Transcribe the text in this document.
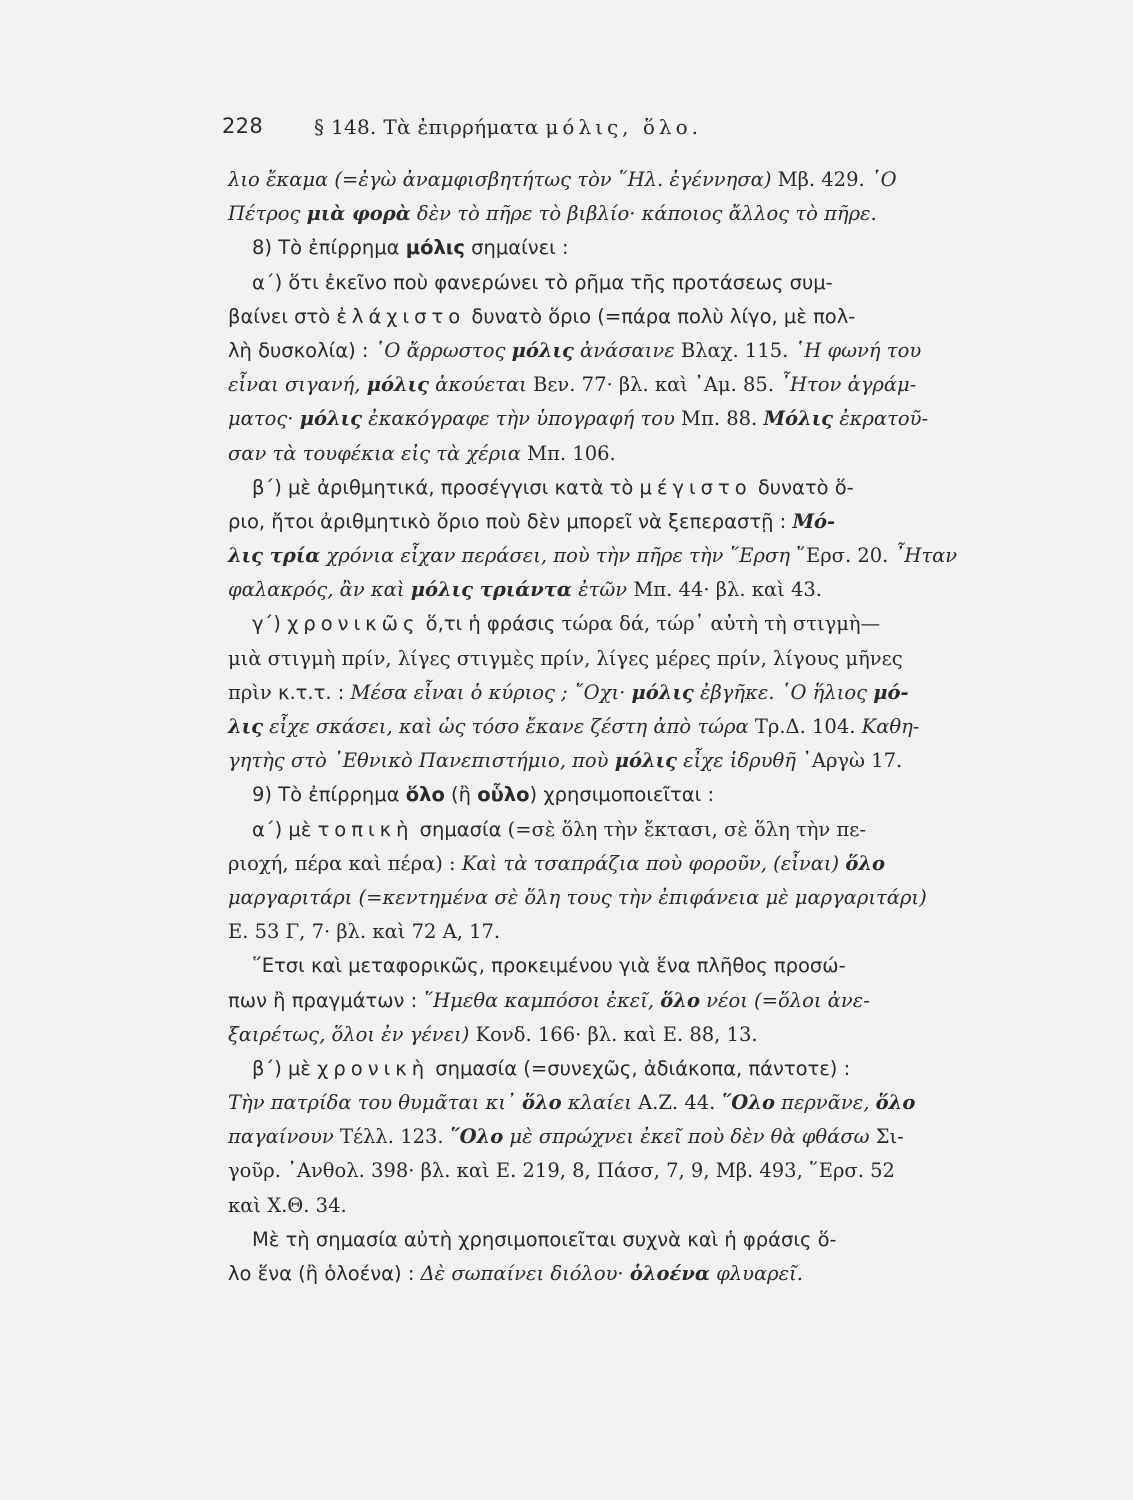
228	§ 148. Τὰ ἐπιρρήματα μόλις, ὅλο.
λιο ἔκαμα (=ἐγὼ ἀναμφισβητήτως τὸν ῞Ηλ. ἐγέννησα) Μβ. 429. ῾Ο
Πέτρος μιὰ φορὰ δὲν τὸ πῆρε τὸ βιβλίο· κάποιος ἄλλος τὸ πῆρε.
8) Τὸ ἐπίρρημα μόλις σημαίνει :
α΄) ὅτι ἐκεῖνο ποὺ φανερώνει τὸ ρῆμα τῆς προτάσεως συμ-
βαίνει στὸ ἐλάχιστο δυνατὸ ὅριο (=πάρα πολὺ λίγο, μὲ πολ-
λὴ δυσκολία) : ῾Ο ἄρρωστος μόλις ἀνάσαινε Βλαχ. 115. ῾Η φωνή του
εἶναι σιγανή, μόλις ἀκούεται Βεν. 77· βλ. καὶ ᾿Αμ. 85. ῏Ητον ἀγράμ-
ματος· μόλις ἐκακόγραφε τὴν ὑπογραφή του Μπ. 88. Μόλις ἐκρατοῦ-
σαν τὰ τουφέκια εἰς τὰ χέρια Μπ. 106.
β΄) μὲ ἀριθμητικά, προσέγγισι κατὰ τὸ μέγιστο δυνατὸ ὅ-
ριο, ἤτοι ἀριθμητικὸ ὅριο ποὺ δὲν μπορεῖ νὰ ξεπεραστῇ : Μό-
λις τρία χρόνια εἶχαν περάσει, ποὺ τὴν πῆρε τὴν ῞Ερση ῞Ερσ. 20. ῏Ηταν
φαλακρός, ἂν καὶ μόλις τριάντα ἐτῶν Μπ. 44· βλ. καὶ 43.
γ΄) χρονικῶς ὅ,τι ἡ φράσις τώρα δά, τώρ᾿ αὐτὴ τὴ στιγμὴ—
μιὰ στιγμὴ πρίν, λίγες στιγμὲς πρίν, λίγες μέρες πρίν, λίγους μῆνες
πρὶν κ.τ.τ. : Μέσα εἶναι ὁ κύριος ; ῎Οχι· μόλις ἐβγῆκε. ῾Ο ἥλιος μό-
λις εἶχε σκάσει, καὶ ὡς τόσο ἔκανε ζέστη ἀπὸ τώρα Τρ.Δ. 104. Καθη-
γητὴς στὸ ᾿Εθνικὸ Πανεπιστήμιο, ποὺ μόλις εἶχε ἱδρυθῆ ᾿Αργὼ 17.
9) Τὸ ἐπίρρημα ὅλο (ἢ οὗλο) χρησιμοποιεῖται :
α΄) μὲ τοπικὴ σημασία (=σὲ ὅλη τὴν ἔκτασι, σὲ ὅλη τὴν πε-
ριοχή, πέρα καὶ πέρα) : Καὶ τὰ τσαπράζια ποὺ φοροῦν, (εἶναι) ὅλο
μαργαριτάρι (=κεντημένα σὲ ὅλη τους τὴν ἐπιφάνεια μὲ μαργαριτάρι)
Ε. 53 Γ, 7· βλ. καὶ 72 Α, 17.
῞Ετσι καὶ μεταφορικῶς, προκειμένου γιὰ ἕνα πλῆθος προσώ-
πων ἢ πραγμάτων : ῞Ημεθα καμπόσοι ἐκεῖ, ὅλο νέοι (=ὅλοι ἀνε-
ξαιρέτως, ὅλοι ἐν γένει) Κονδ. 166· βλ. καὶ Ε. 88, 13.
β΄) μὲ χρονικὴ σημασία (=συνεχῶς, ἀδιάκοπα, πάντοτε) :
Τὴν πατρίδα του θυμᾶται κι᾿ ὅλο κλαίει Α.Ζ. 44. ῞Ολο περνᾶνε, ὅλο
παγαίνουν Τέλλ. 123. ῞Ολο μὲ σπρώχνει ἐκεῖ ποὺ δὲν θὰ φθάσω Σι-
γοῦρ. ᾿Ανθολ. 398· βλ. καὶ Ε. 219, 8, Πάσσ, 7, 9, Μβ. 493, ῞Ερσ. 52
καὶ Χ.Θ. 34.
Μὲ τὴ σημασία αὐτὴ χρησιμοποιεῖται συχνὰ καὶ ἡ φράσις ὅ-
λο ἕνα (ἢ ὁλοένα) : Δὲ σωπαίνει διόλου· ὁλοένα φλυαρεῖ.
